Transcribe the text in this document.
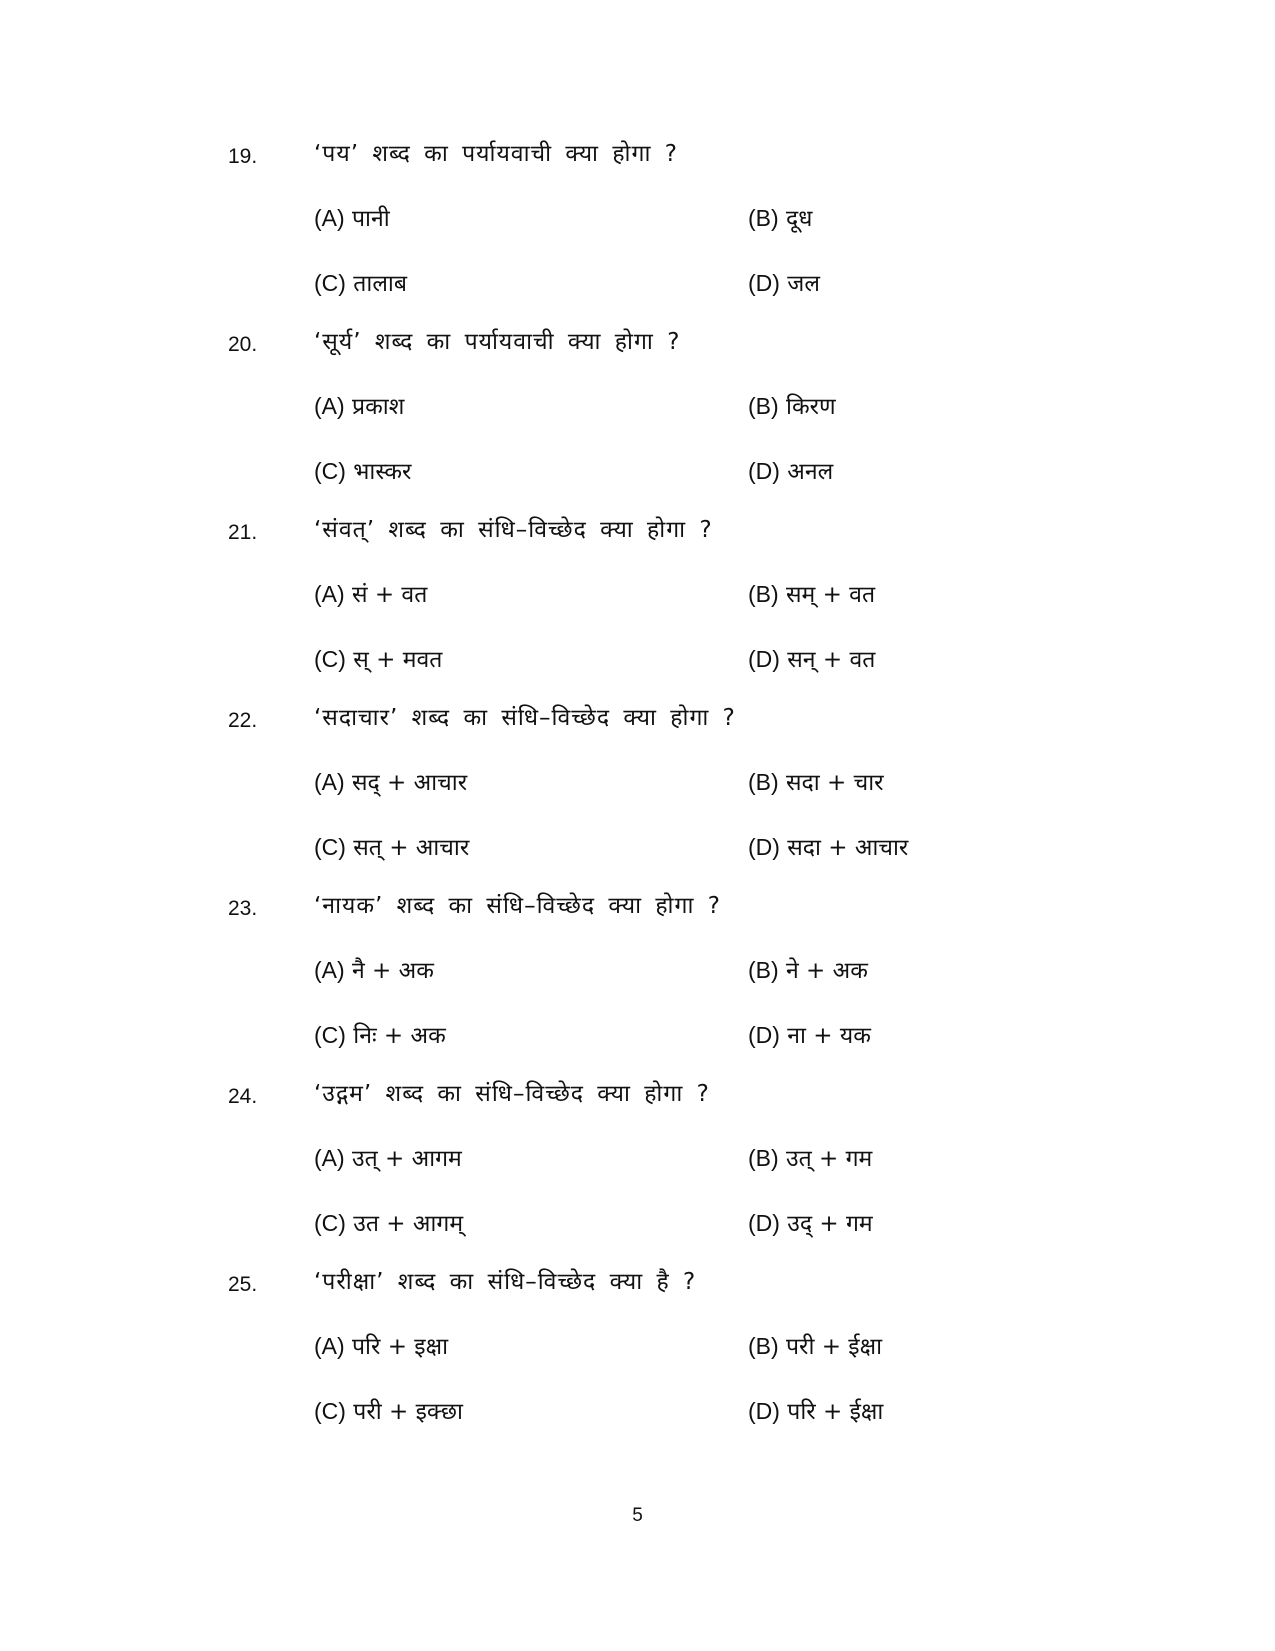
19. ‘पय’ शब्द का पर्यायवाची क्या होगा ?
(A) पानी	(B) दूध
(C) तालाब	(D) जल
20. ‘सूर्य’ शब्द का पर्यायवाची क्या होगा ?
(A) प्रकाश	(B) किरण
(C) भास्कर	(D) अनल
21. ‘संवत्’ शब्द का संधि–विच्छेद क्या होगा ?
(A) सं + वत	(B) सम् + वत
(C) स् + मवत	(D) सन् + वत
22. ‘सदाचार’ शब्द का संधि–विच्छेद क्या होगा ?
(A) सद् + आचार	(B) सदा + चार
(C) सत् + आचार	(D) सदा + आचार
23. ‘नायक’ शब्द का संधि–विच्छेद क्या होगा ?
(A) नै + अक	(B) ने + अक
(C) निः + अक	(D) ना + यक
24. ‘उद्गम’ शब्द का संधि–विच्छेद क्या होगा ?
(A) उत् + आगम	(B) उत् + गम
(C) उत + आगम्	(D) उद् + गम
25. ‘परीक्षा’ शब्द का संधि–विच्छेद क्या है ?
(A) परि + इक्षा	(B) परी + ईक्षा
(C) परी + इक्छा	(D) परि + ईक्षा
5
